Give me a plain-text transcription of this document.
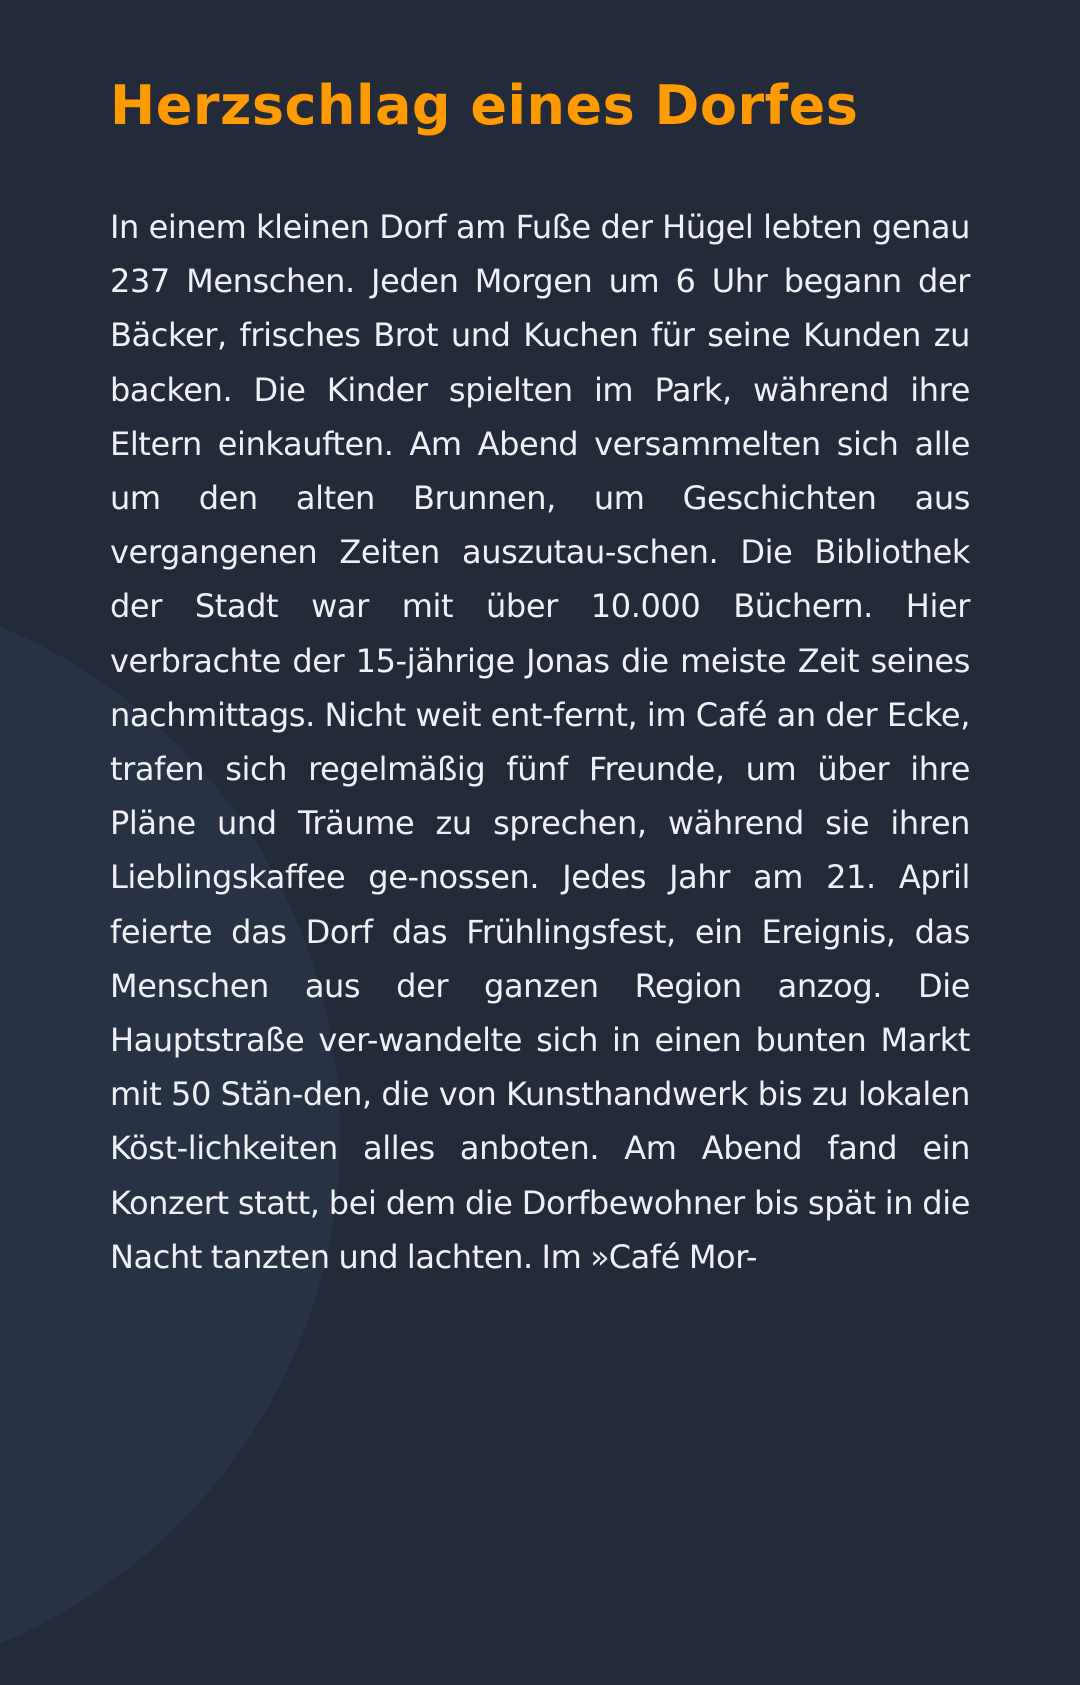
Herzschlag eines Dorfes

In einem kleinen Dorf am Fuße der Hügel lebten genau 237 Menschen. Jeden Morgen um 6 Uhr begann der Bäcker, frisches Brot und Kuchen für seine Kunden zu backen. Die Kinder spielten im Park, während ihre Eltern einkauften. Am Abend versammelten sich alle um den alten Brunnen, um Geschichten aus vergangenen Zeiten auszutau-schen. Die Bibliothek der Stadt war mit über 10.000 Büchern. Hier verbrachte der 15-jährige Jonas die meiste Zeit seines nachmittags. Nicht weit ent-fernt, im Café an der Ecke, trafen sich regelmäßig fünf Freunde, um über ihre Pläne und Träume zu sprechen, während sie ihren Lieblingskaffee ge-nossen. Jedes Jahr am 21. April feierte das Dorf das Frühlingsfest, ein Ereignis, das Menschen aus der ganzen Region anzog. Die Hauptstraße ver-wandelte sich in einen bunten Markt mit 50 Stän-den, die von Kunsthandwerk bis zu lokalen Köst-lichkeiten alles anboten. Am Abend fand ein Konzert statt, bei dem die Dorfbewohner bis spät in die Nacht tanzten und lachten. Im »Café Mor-
